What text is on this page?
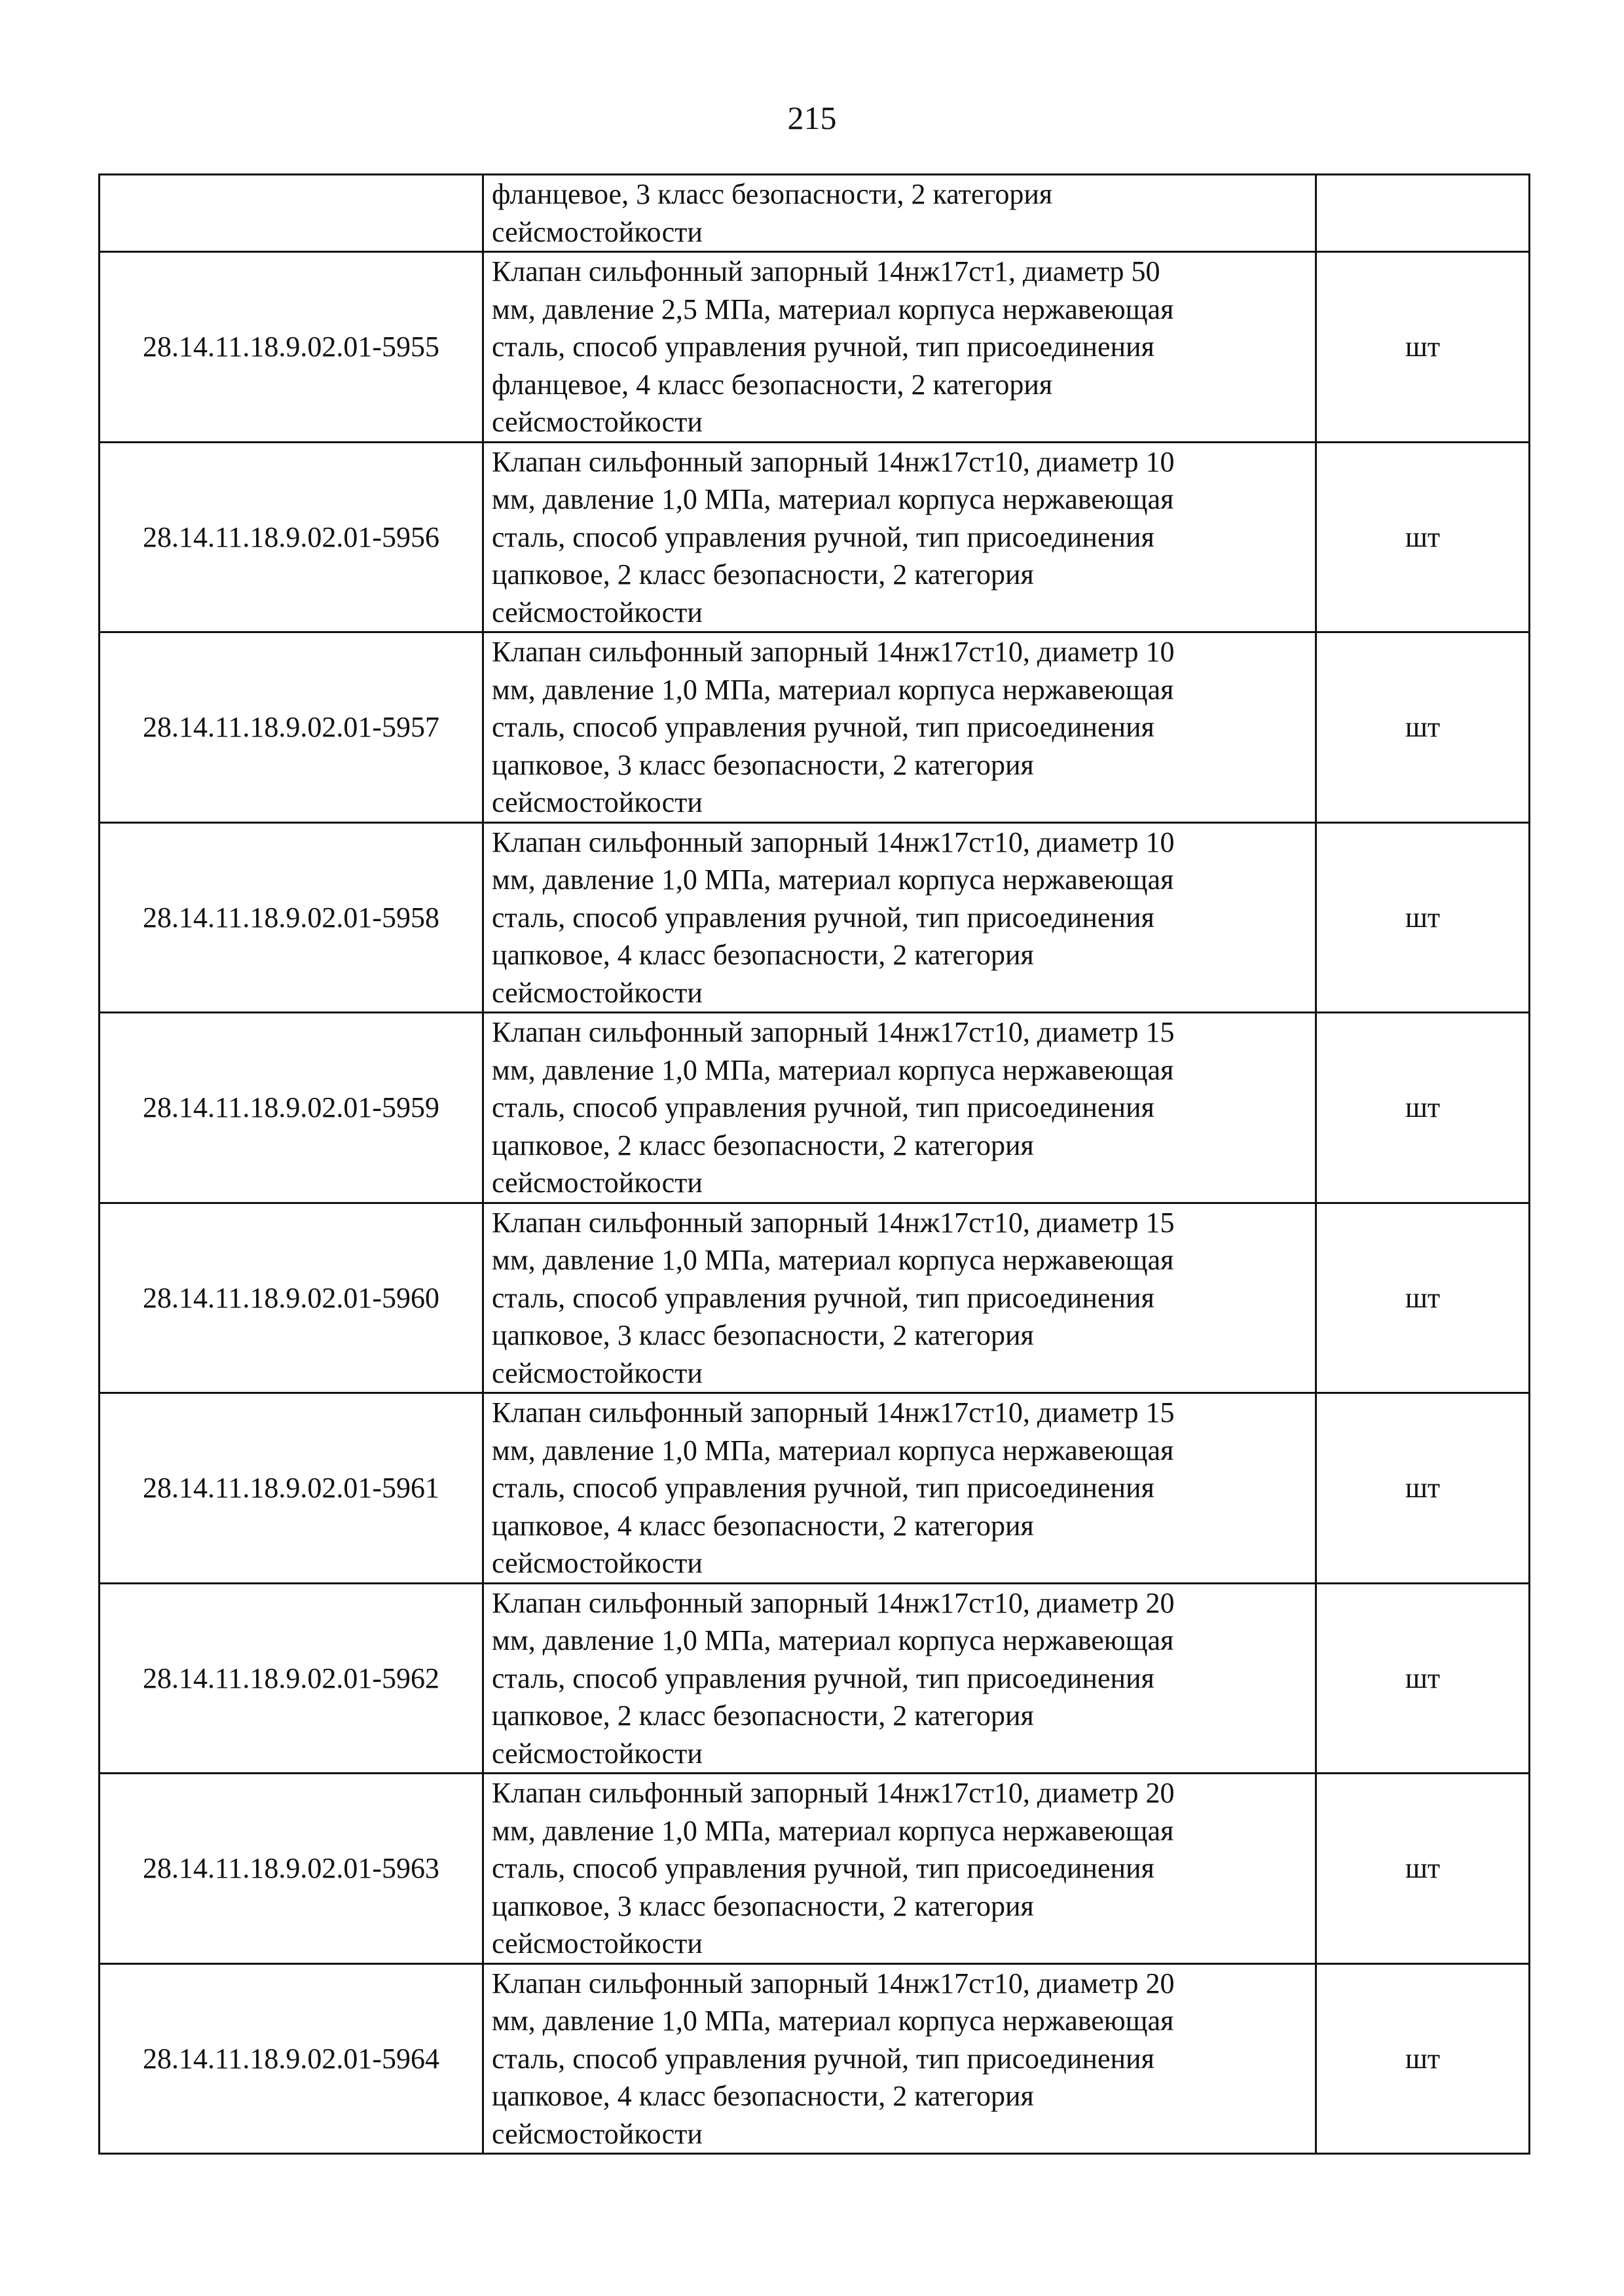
215

	фланцевое, 3 класс безопасности, 2 категория
сейсмостойкости	

28.14.11.18.9.02.01-5955	Клапан сильфонный запорный 14нж17ст1, диаметр 50
мм, давление 2,5 МПа, материал корпуса нержавеющая
сталь, способ управления ручной, тип присоединения
фланцевое, 4 класс безопасности, 2 категория
сейсмостойкости	шт
28.14.11.18.9.02.01-5956	Клапан сильфонный запорный 14нж17ст10, диаметр 10
мм, давление 1,0 МПа, материал корпуса нержавеющая
сталь, способ управления ручной, тип присоединения
цапковое, 2 класс безопасности, 2 категория
сейсмостойкости	шт
28.14.11.18.9.02.01-5957	Клапан сильфонный запорный 14нж17ст10, диаметр 10
мм, давление 1,0 МПа, материал корпуса нержавеющая
сталь, способ управления ручной, тип присоединения
цапковое, 3 класс безопасности, 2 категория
сейсмостойкости	шт
28.14.11.18.9.02.01-5958	Клапан сильфонный запорный 14нж17ст10, диаметр 10
мм, давление 1,0 МПа, материал корпуса нержавеющая
сталь, способ управления ручной, тип присоединения
цапковое, 4 класс безопасности, 2 категория
сейсмостойкости	шт
28.14.11.18.9.02.01-5959	Клапан сильфонный запорный 14нж17ст10, диаметр 15
мм, давление 1,0 МПа, материал корпуса нержавеющая
сталь, способ управления ручной, тип присоединения
цапковое, 2 класс безопасности, 2 категория
сейсмостойкости	шт
28.14.11.18.9.02.01-5960	Клапан сильфонный запорный 14нж17ст10, диаметр 15
мм, давление 1,0 МПа, материал корпуса нержавеющая
сталь, способ управления ручной, тип присоединения
цапковое, 3 класс безопасности, 2 категория
сейсмостойкости	шт
28.14.11.18.9.02.01-5961	Клапан сильфонный запорный 14нж17ст10, диаметр 15
мм, давление 1,0 МПа, материал корпуса нержавеющая
сталь, способ управления ручной, тип присоединения
цапковое, 4 класс безопасности, 2 категория
сейсмостойкости	шт
28.14.11.18.9.02.01-5962	Клапан сильфонный запорный 14нж17ст10, диаметр 20
мм, давление 1,0 МПа, материал корпуса нержавеющая
сталь, способ управления ручной, тип присоединения
цапковое, 2 класс безопасности, 2 категория
сейсмостойкости	шт
28.14.11.18.9.02.01-5963	Клапан сильфонный запорный 14нж17ст10, диаметр 20
мм, давление 1,0 МПа, материал корпуса нержавеющая
сталь, способ управления ручной, тип присоединения
цапковое, 3 класс безопасности, 2 категория
сейсмостойкости	шт
28.14.11.18.9.02.01-5964	Клапан сильфонный запорный 14нж17ст10, диаметр 20
мм, давление 1,0 МПа, материал корпуса нержавеющая
сталь, способ управления ручной, тип присоединения
цапковое, 4 класс безопасности, 2 категория
сейсмостойкости	шт
